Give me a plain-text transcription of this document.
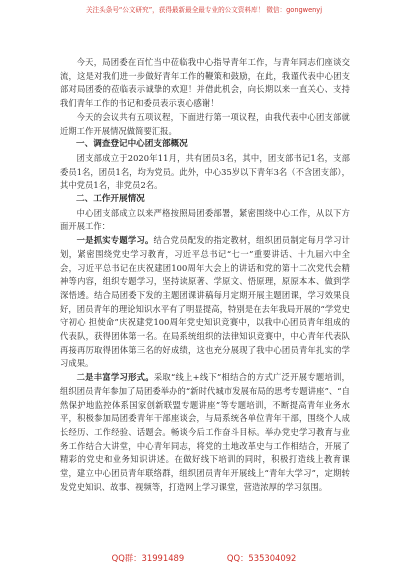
关注头条号“公文研究”，获得最新最全最专业的公文资料库！ 微信：gongwenyj

今天，局团委在百忙当中莅临我中心指导青年工作，与青年同志们座谈交流，这是对我们进一步做好青年工作的鞭策和鼓励，在此，我谨代表中心团支部对局团委的莅临表示诚挚的欢迎！并借此机会，向长期以来一直关心、支持我们青年工作的书记和委员表示衷心感谢！

今天的会议共有五项议程，下面进行第一项议程，由我代表中心团支部就近期工作开展情况做简要汇报。

一、调查登记中心团支部概况

团支部成立于2020年11月，共有团员3名，其中，团支部书记1名，支部委员1名，团员1名，均为党员。此外，中心35岁以下青年3名（不含团支部），其中党员1名，非党员2名。

二、工作开展情况

中心团支部成立以来严格按照局团委部署，紧密围绕中心工作，从以下方面开展工作：

一是抓实专题学习。结合党员配发的指定教材，组织团员制定每月学习计划，紧密围绕党史学习教育，习近平总书记“七一”重要讲话、十九届六中全会，习近平总书记在庆祝建团100周年大会上的讲话和党的第十二次党代会精神等内容，组织专题学习，坚持读原著、学原文、悟原理，原原本本、做到学深悟透。结合局团委下发的主题团课讲稿每月定期开展主题团课，学习效果良好，团员青年的理论知识水平有了明显提高，特别是在去年我局开展的“学党史 守初心 担使命”庆祝建党100周年党史知识竞赛中，以我中心团员青年组成的代表队，获得团体第一名。在局系统组织的法律知识竞赛中，中心青年代表队再接再厉取得团体第三名的好成绩，这也充分展现了我中心团员青年扎实的学习成果。

二是丰富学习形式。采取“线上+线下”相结合的方式广泛开展专题培训，组织团员青年参加了局团委举办的“新时代城市发展布局的思考专题讲座”、“自然保护地监控体系国家创新联盟专题讲座”等专题培训，不断提高青年业务水平，积极参加局团委青年干部座谈会，与局系统各单位青年干部，围绕个人成长经历、工作经验、话题会。畅谈今后工作奋斗目标。举办党史学习教育与业务工作结合大讲堂，中心青年同志，将党的土地改革史与工作相结合，开展了精彩的党史和业务知识讲述。在做好线下培训的同时，积极打造线上教育课堂，建立中心团员青年联络群，组织团员青年开展线上“青年大学习”，定期转发党史知识、故事、视频等，打造网上学习课堂，营造浓厚的学习氛围。

QQ群：31991489	QQ：535304092
